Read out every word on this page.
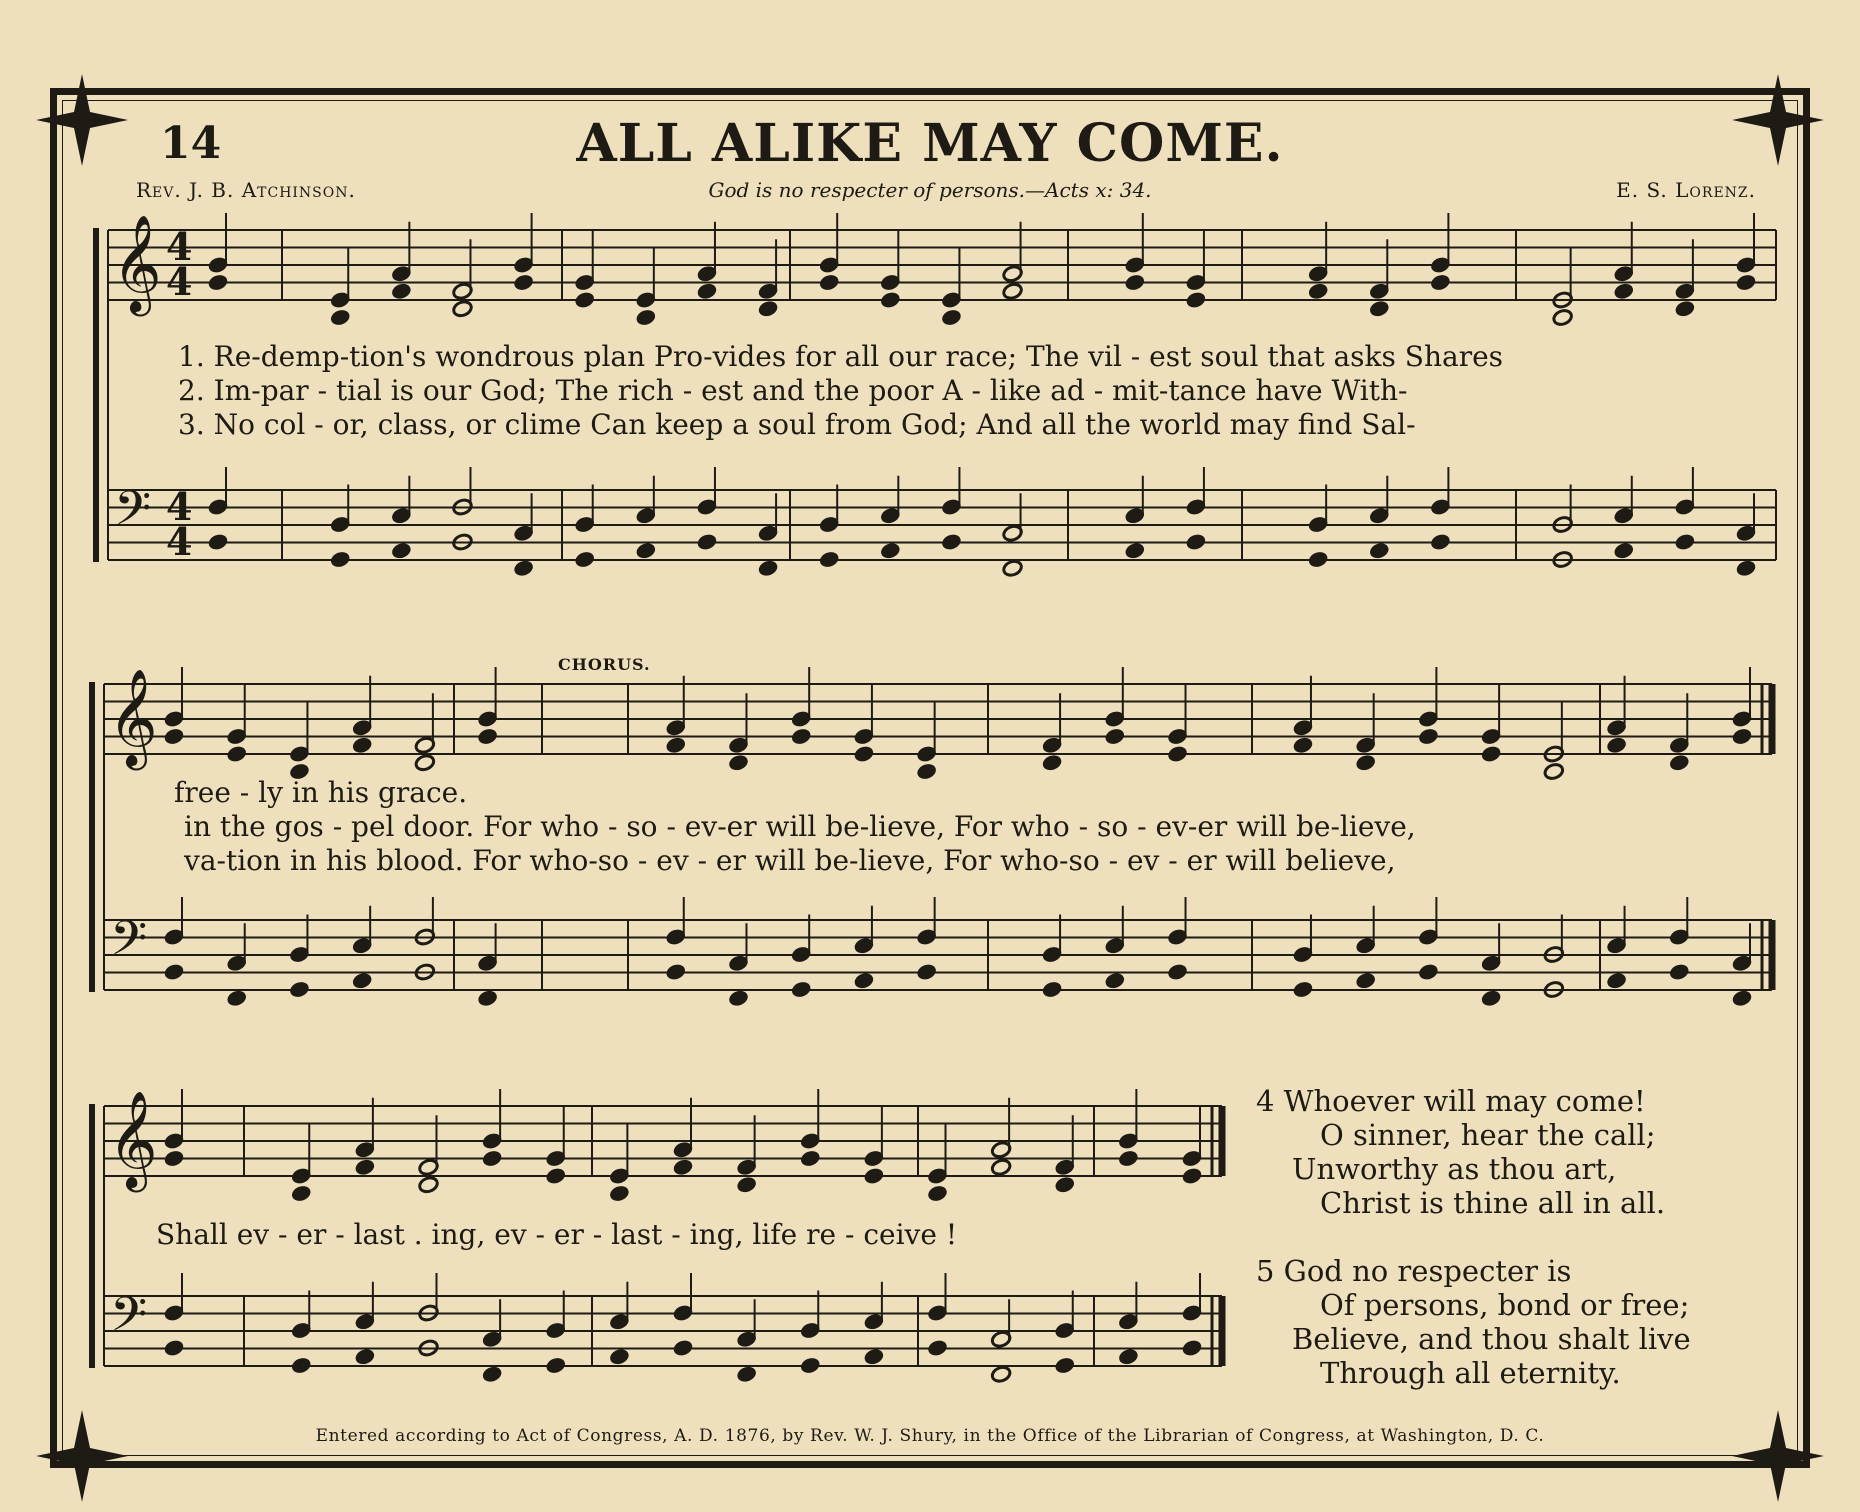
14	ALL ALIKE MAY COME.
Rev. J. B. Atchinson.	God is no respecter of persons.—Acts x: 34.	E. S. Lorenz.
𝄞
𝄢
4
4
4
4
𝄞
𝄢
𝄞
𝄢
CHORUS.
1. Re-demp-tion's wondrous plan Pro-vides for all our race; The vil - est soul that asks Shares
2. Im-par - tial is our God; The rich - est and the poor A - like ad - mit-tance have With-
3. No col - or, class, or clime Can keep a soul from God; And all the world may find Sal-
free - ly in his grace.
in the gos - pel door. For who - so - ev-er will be-lieve, For who - so - ev-er will be-lieve,
va-tion in his blood. For who-so - ev - er will be-lieve, For who-so - ev - er will believe,
Shall ev - er - last . ing, ev - er - last - ing, life re - ceive !
4 Whoever will may come!
O sinner, hear the call;
Unworthy as thou art,
Christ is thine all in all.
5 God no respecter is
Of persons, bond or free;
Believe, and thou shalt live
Through all eternity.
Entered according to Act of Congress, A. D. 1876, by Rev. W. J. Shury, in the Office of the Librarian of Congress, at Washington, D. C.
